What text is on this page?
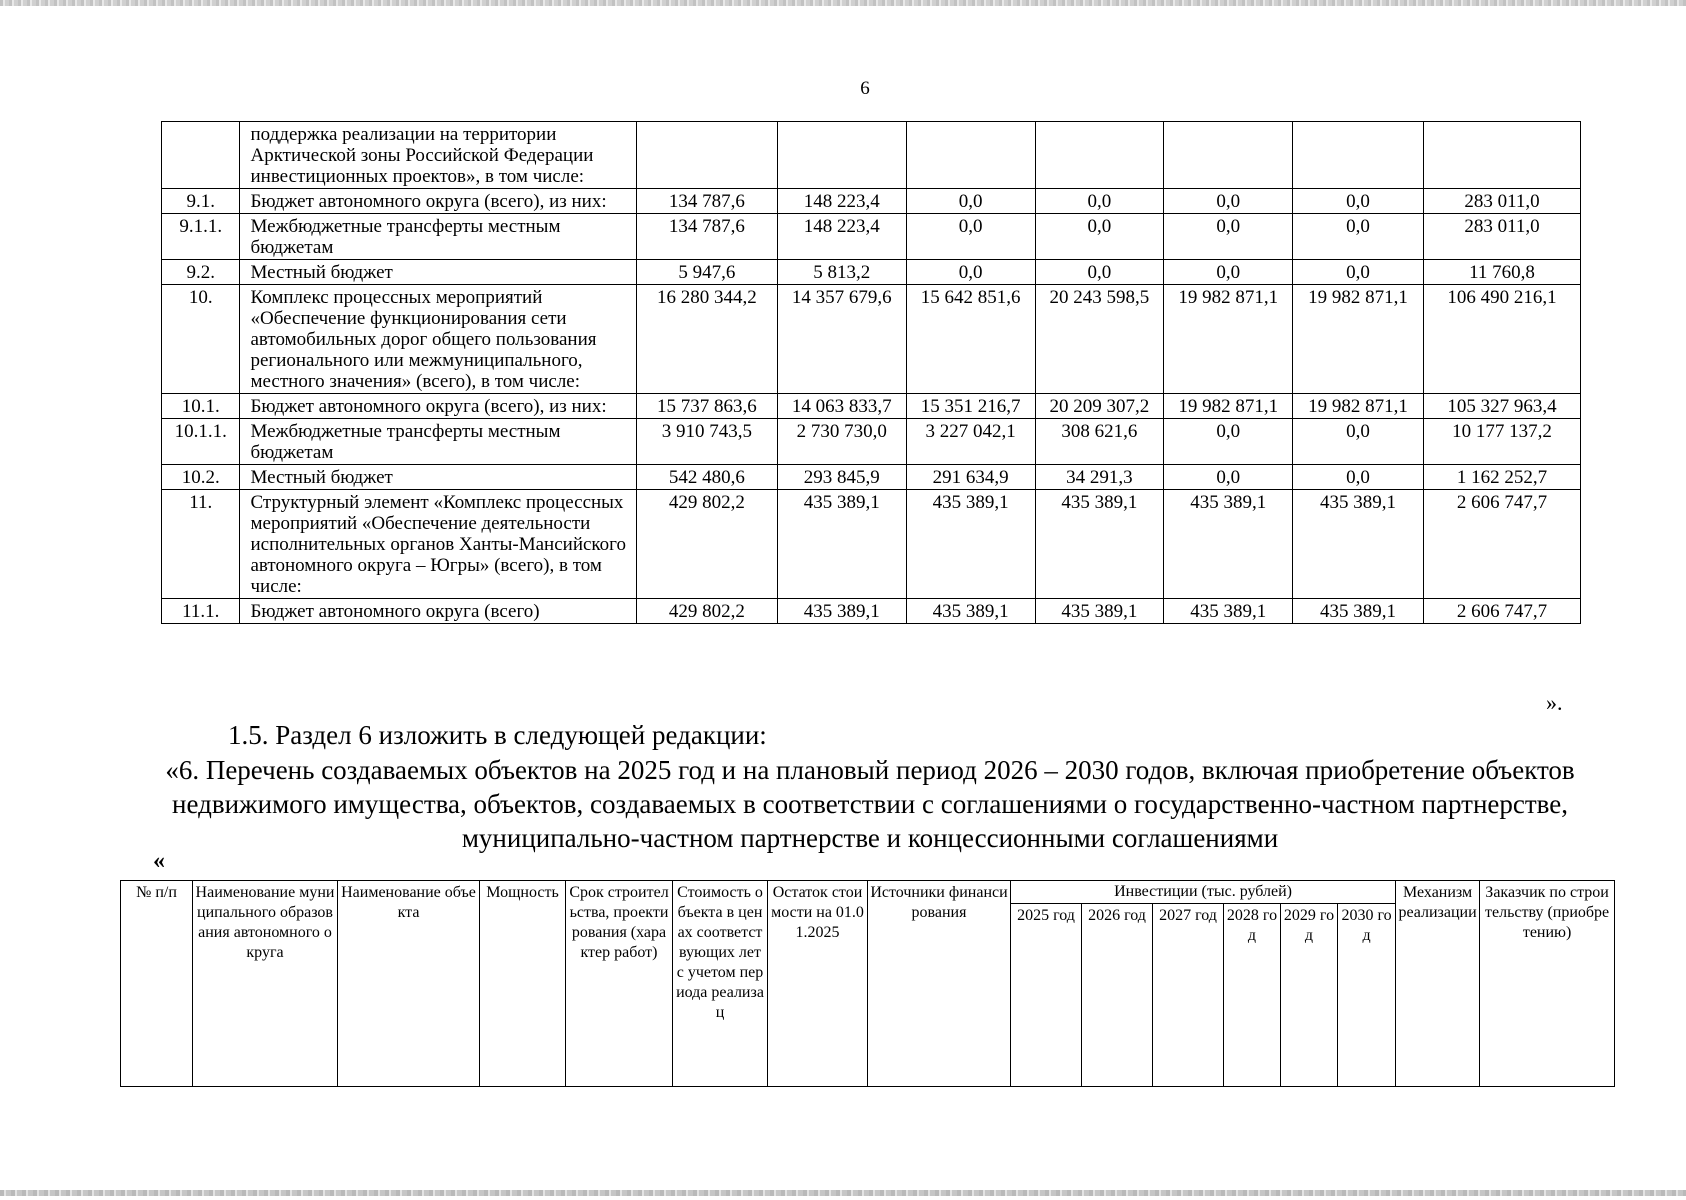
6
	поддержка реализации на территории Арктической зоны Российской Федерации инвестиционных проектов», в том числе:							
9.1.	Бюджет автономного округа (всего), из них:	134 787,6	148 223,4	0,0	0,0	0,0	0,0	283 011,0
9.1.1.	Межбюджетные трансферты местным бюджетам	134 787,6	148 223,4	0,0	0,0	0,0	0,0	283 011,0
9.2.	Местный бюджет	5 947,6	5 813,2	0,0	0,0	0,0	0,0	11 760,8
10.	Комплекс процессных мероприятий «Обеспечение функционирования сети автомобильных дорог общего пользования регионального или межмуниципального, местного значения» (всего), в том числе:	16 280 344,2	14 357 679,6	15 642 851,6	20 243 598,5	19 982 871,1	19 982 871,1	106 490 216,1
10.1.	Бюджет автономного округа (всего), из них:	15 737 863,6	14 063 833,7	15 351 216,7	20 209 307,2	19 982 871,1	19 982 871,1	105 327 963,4
10.1.1.	Межбюджетные трансферты местным бюджетам	3 910 743,5	2 730 730,0	3 227 042,1	308 621,6	0,0	0,0	10 177 137,2
10.2.	Местный бюджет	542 480,6	293 845,9	291 634,9	34 291,3	0,0	0,0	1 162 252,7
11.	Структурный элемент «Комплекс процессных мероприятий «Обеспечение деятельности исполнительных органов Ханты-Мансийского автономного округа – Югры» (всего), в том числе:	429 802,2	435 389,1	435 389,1	435 389,1	435 389,1	435 389,1	2 606 747,7
11.1.	Бюджет автономного округа (всего)	429 802,2	435 389,1	435 389,1	435 389,1	435 389,1	435 389,1	2 606 747,7
».
1.5. Раздел 6 изложить в следующей редакции:
«6. Перечень создаваемых объектов на 2025 год и на плановый период 2026 – 2030 годов, включая приобретение объектов недвижимого имущества, объектов, создаваемых в соответствии с соглашениями о государственно-частном партнерстве, муниципально-частном партнерстве и концессионными соглашениями
«
№ п/п	Наименование муниципального образования автономного округа	Наименование объекта	Мощность	Срок строительства, проектирования (характер работ)	Стоимость объекта в ценах соответствующих лет с учетом периода реализац	Остаток стоимости на 01.01.2025	Источники финансирования	Инвестиции (тыс. рублей)						Механизм реализации	Заказчик по строительству (приобретению)
								2025 год	2026 год	2027 год	2028 год	2029 год	2030 год		
